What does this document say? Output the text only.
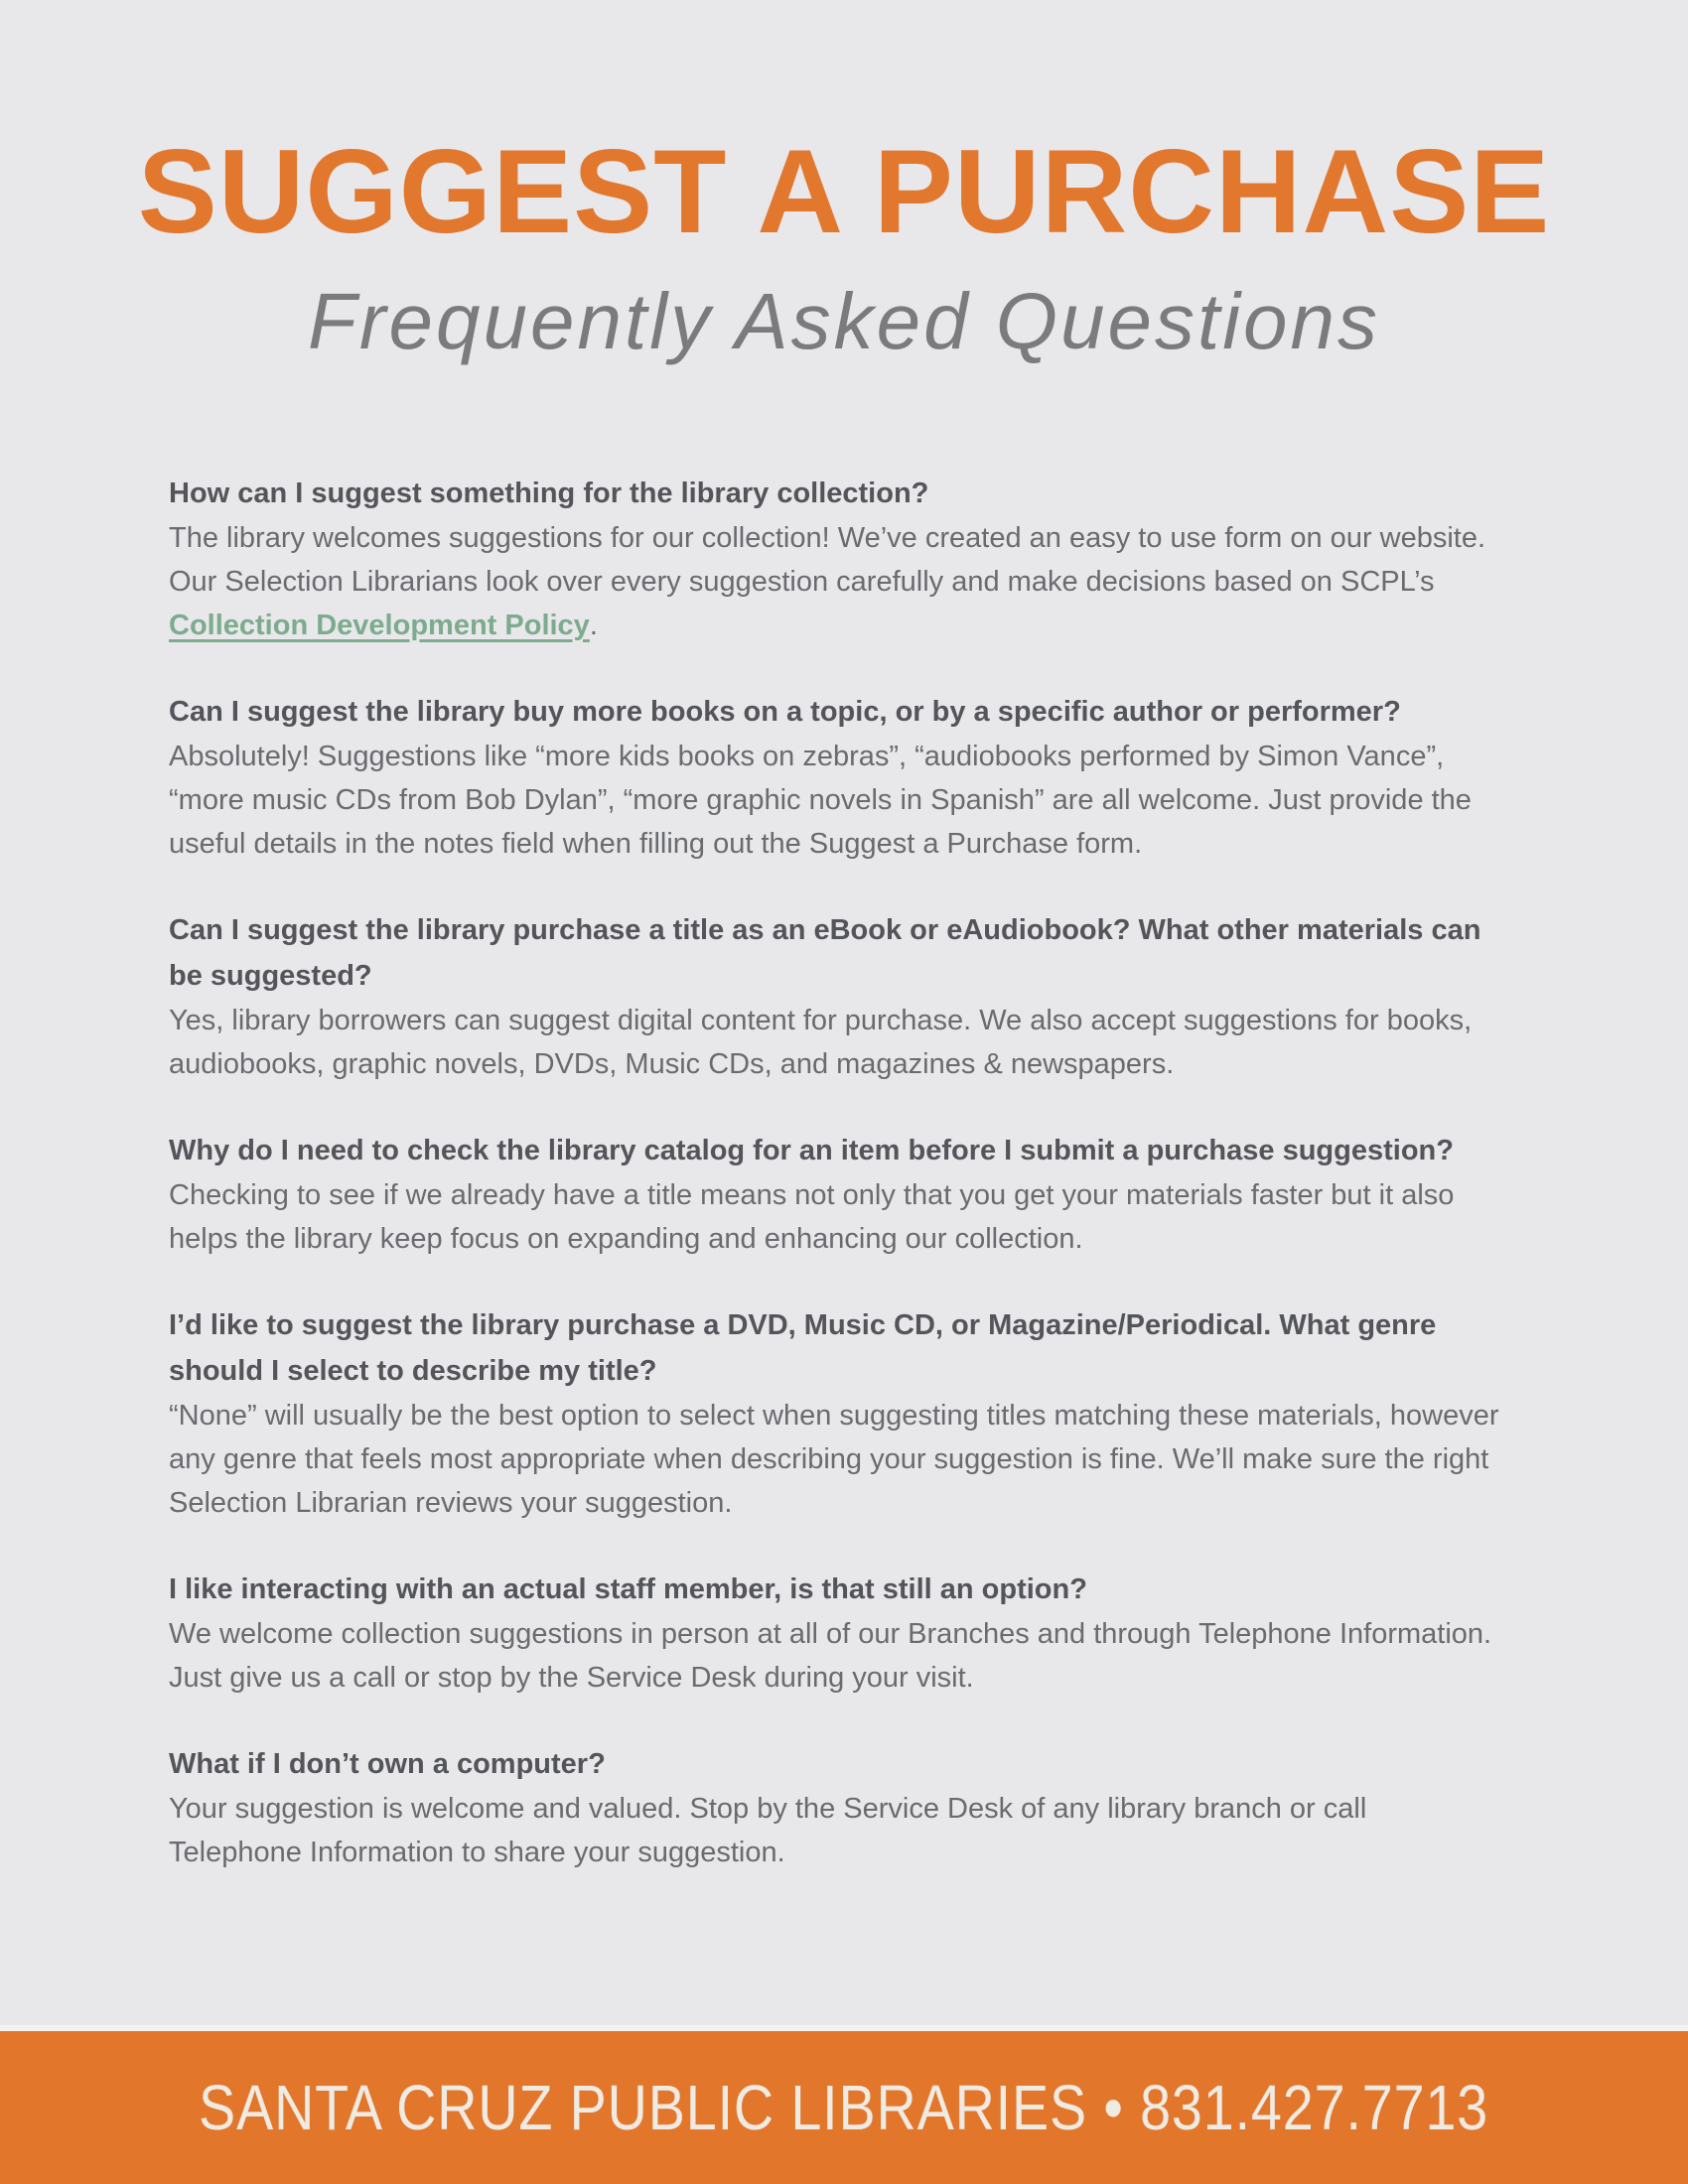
SUGGEST A PURCHASE
Frequently Asked Questions
How can I suggest something for the library collection?

The library welcomes suggestions for our collection! We’ve created an easy to use form on our website. Our Selection Librarians look over every suggestion carefully and make decisions based on SCPL’s Collection Development Policy.

Can I suggest the library buy more books on a topic, or by a specific author or performer?

Absolutely! Suggestions like “more kids books on zebras”, “audiobooks performed by Simon Vance”, “more music CDs from Bob Dylan”, “more graphic novels in Spanish” are all welcome. Just provide the useful details in the notes field when filling out the Suggest a Purchase form.

Can I suggest the library purchase a title as an eBook or eAudiobook? What other materials can be suggested?

Yes, library borrowers can suggest digital content for purchase. We also accept suggestions for books, audiobooks, graphic novels, DVDs, Music CDs, and magazines & newspapers.

Why do I need to check the library catalog for an item before I submit a purchase suggestion?

Checking to see if we already have a title means not only that you get your materials faster but it also helps the library keep focus on expanding and enhancing our collection.

I’d like to suggest the library purchase a DVD, Music CD, or Magazine/Periodical. What genre should I select to describe my title?

“None” will usually be the best option to select when suggesting titles matching these materials, however any genre that feels most appropriate when describing your suggestion is fine. We’ll make sure the right Selection Librarian reviews your suggestion.

I like interacting with an actual staff member, is that still an option?

We welcome collection suggestions in person at all of our Branches and through Telephone Information. Just give us a call or stop by the Service Desk during your visit.

What if I don’t own a computer?

Your suggestion is welcome and valued. Stop by the Service Desk of any library branch or call Telephone Information to share your suggestion.

SANTA CRUZ PUBLIC LIBRARIES • 831.427.7713
